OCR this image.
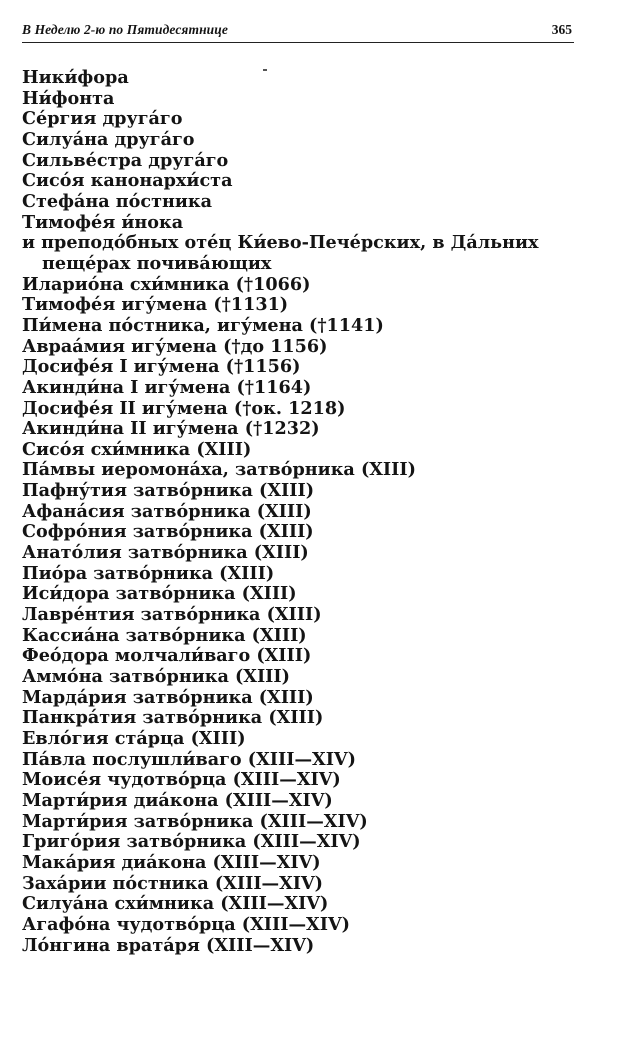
В Неделю 2-ю по Пятидесятнице	365
Ники́фора
Ни́фонта
Се́ргия друга́го
Силуа́на друга́го
Сильве́стра друга́го
Сисо́я канонархи́ста
Стефа́на по́стника
Тимофе́я и́нока
и преподо́бных оте́ц Ки́ево-Пече́рских, в Да́льних пеще́рах почива́ющих
Иларио́на схи́мника (†1066)
Тимофе́я игу́мена (†1131)
Пи́мена по́стника, игу́мена (†1141)
Авраа́мия игу́мена (†до 1156)
Досифе́я I игу́мена (†1156)
Акинди́на I игу́мена (†1164)
Досифе́я II игу́мена (†ок. 1218)
Акинди́на II игу́мена (†1232)
Сисо́я схи́мника (XIII)
Па́мвы иеромона́ха, затво́рника (XIII)
Пафну́тия затво́рника (XIII)
Афана́сия затво́рника (XIII)
Софро́ния затво́рника (XIII)
Анато́лия затво́рника (XIII)
Пио́ра затво́рника (XIII)
Иси́дора затво́рника (XIII)
Лавре́нтия затво́рника (XIII)
Кассиа́на затво́рника (XIII)
Фео́дора молчали́ваго (XIII)
Аммо́на затво́рника (XIII)
Марда́рия затво́рника (XIII)
Панкра́тия затво́рника (XIII)
Евло́гия ста́рца (XIII)
Па́вла послушли́ваго (XIII—XIV)
Моисе́я чудотво́рца (XIII—XIV)
Марти́рия диа́кона (XIII—XIV)
Марти́рия затво́рника (XIII—XIV)
Григо́рия затво́рника (XIII—XIV)
Мака́рия диа́кона (XIII—XIV)
Заха́рии по́стника (XIII—XIV)
Силуа́на схи́мника (XIII—XIV)
Агафо́на чудотво́рца (XIII—XIV)
Ло́нгина врата́ря (XIII—XIV)
